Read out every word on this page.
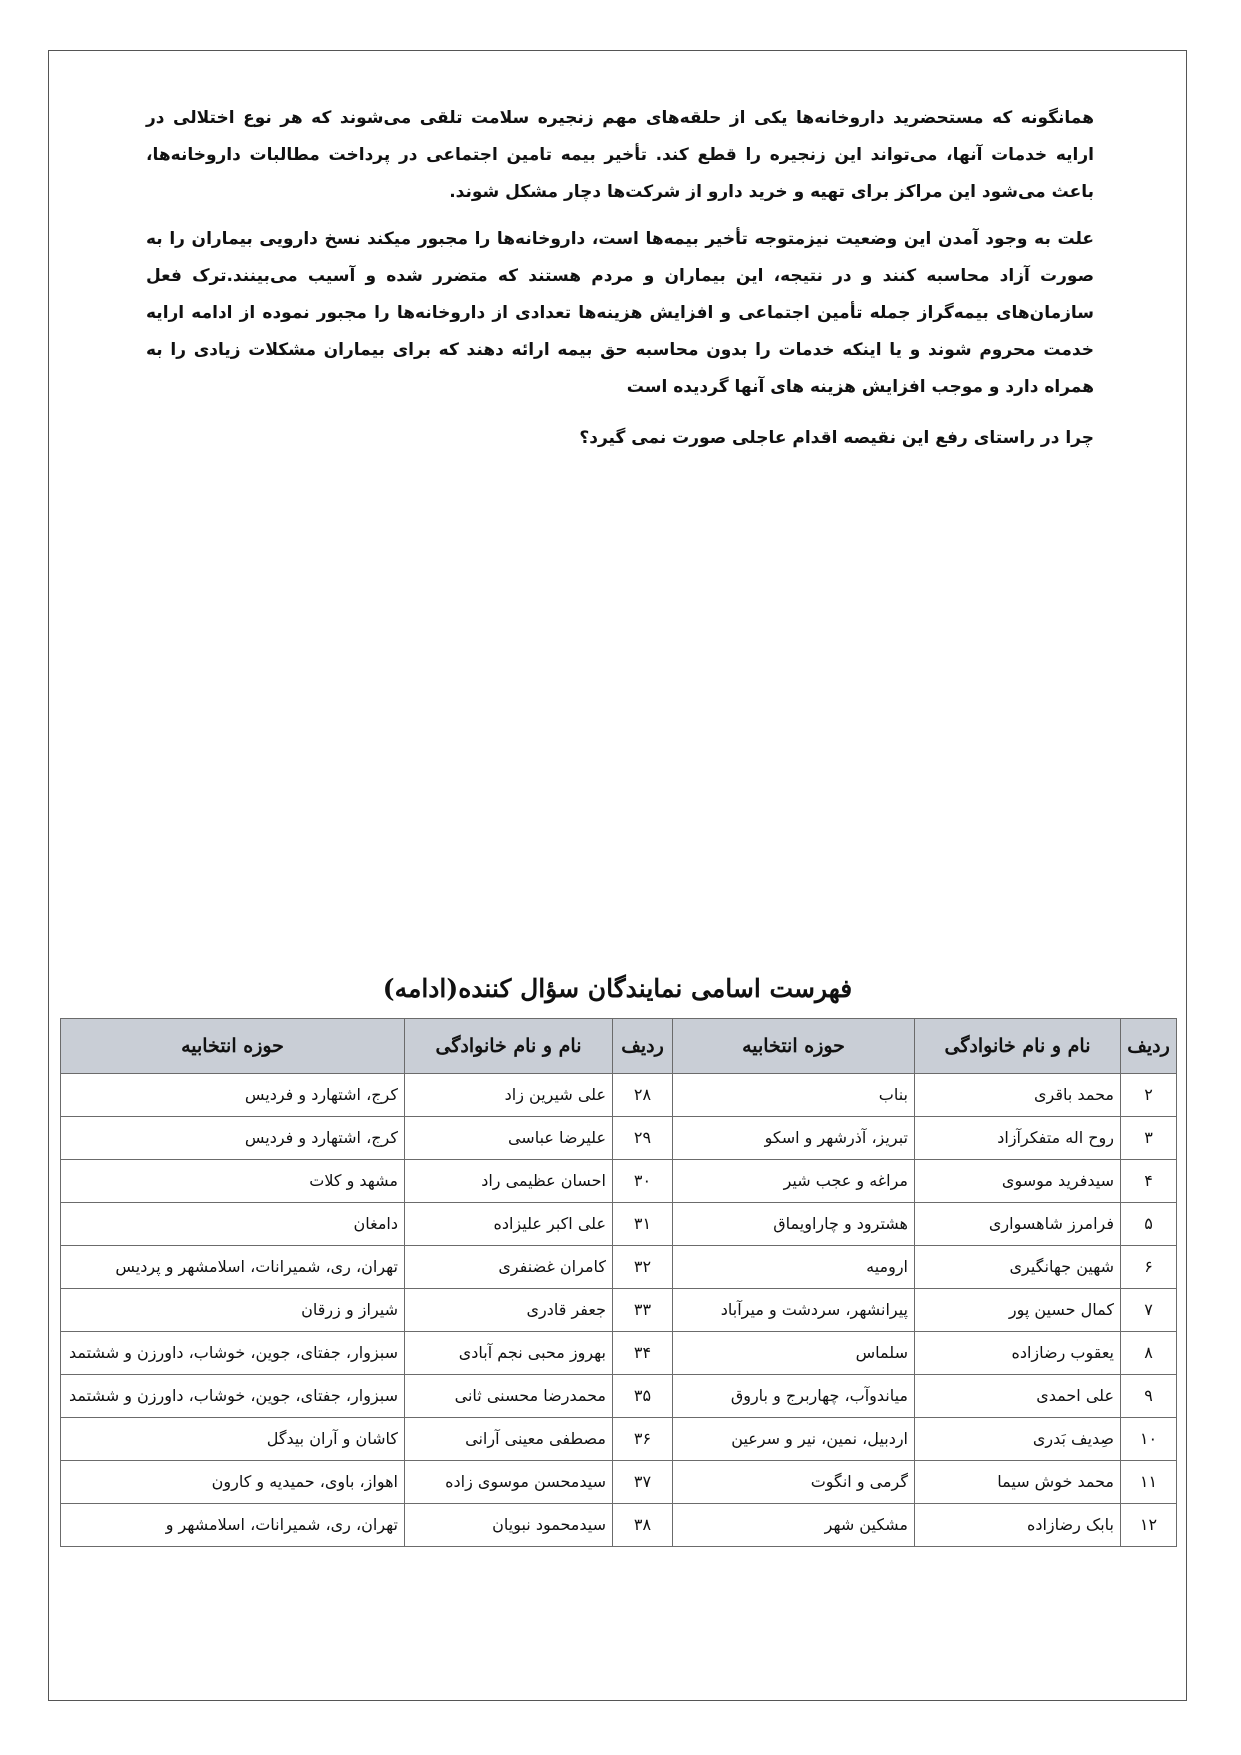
همانگونه که مستحضرید داروخانه‌ها یکی از حلقه‌های مهم زنجیره سلامت تلقی می‌شوند که هر نوع اختلالی در ارایه خدمات آنها، می‌تواند این زنجیره را قطع کند. تأخیر بیمه تامین اجتماعی در پرداخت مطالبات داروخانه‌ها، باعث می‌شود این مراکز برای تهیه و خرید دارو از شرکت‌ها دچار مشکل شوند.

علت به وجود آمدن این وضعیت نیزمتوجه تأخیر بیمه‌ها است، داروخانه‌ها را مجبور میکند نسخ دارویی بیماران را به صورت آزاد محاسبه کنند و در نتیجه، این بیماران و مردم هستند که متضرر شده و آسیب می‌بینند.ترک فعل سازمان‌های بیمه‌گراز جمله تأمین اجتماعی و افزایش هزینه‌ها تعدادی از داروخانه‌ها را مجبور نموده از ادامه ارایه خدمت محروم شوند و یا اینکه خدمات را بدون محاسبه حق بیمه ارائه دهند که برای بیماران مشکلات زیادی را به همراه دارد و موجب افزایش هزینه های آنها گردیده است

چرا در راستای رفع این نقیصه اقدام عاجلی صورت نمی گیرد؟

فهرست اسامی نمایندگان سؤال کننده(ادامه)
ردیف	نام و نام خانوادگی	حوزه انتخابیه	ردیف	نام و نام خانوادگی	حوزه انتخابیه
۲	محمد باقری	بناب	۲۸	علی شیرین زاد	کرج، اشتهارد و فردیس
۳	روح اله متفکرآزاد	تبریز، آذرشهر و اسکو	۲۹	علیرضا عباسی	کرج، اشتهارد و فردیس
۴	سیدفرید موسوی	مراغه و عجب شیر	۳۰	احسان عظیمی راد	مشهد و کلات
۵	فرامرز شاهسواری	هشترود و چاراویماق	۳۱	علی اکبر علیزاده	دامغان
۶	شهین جهانگیری	ارومیه	۳۲	کامران غضنفری	تهران، ری، شمیرانات، اسلامشهر و پردیس
۷	کمال حسین پور	پیرانشهر، سردشت و میرآباد	۳۳	جعفر قادری	شیراز و زرقان
۸	یعقوب رضازاده	سلماس	۳۴	بهروز محبی نجم آبادی	سبزوار، جفتای، جوین، خوشاب، داورزن و ششتمد
۹	علی احمدی	میاندوآب، چهاربرج و باروق	۳۵	محمدرضا محسنی ثانی	سبزوار، جفتای، جوین، خوشاب، داورزن و ششتمد
۱۰	صِدیف بَدری	اردبیل، نمین، نیر و سرعین	۳۶	مصطفی معینی آرانی	کاشان و آران بیدگل
۱۱	محمد خوش سیما	گرمی و انگوت	۳۷	سیدمحسن موسوی زاده	اهواز، باوی، حمیدیه و کارون
۱۲	بابک رضازاده	مشکین شهر	۳۸	سیدمحمود نبویان	تهران، ری، شمیرانات، اسلامشهر و
